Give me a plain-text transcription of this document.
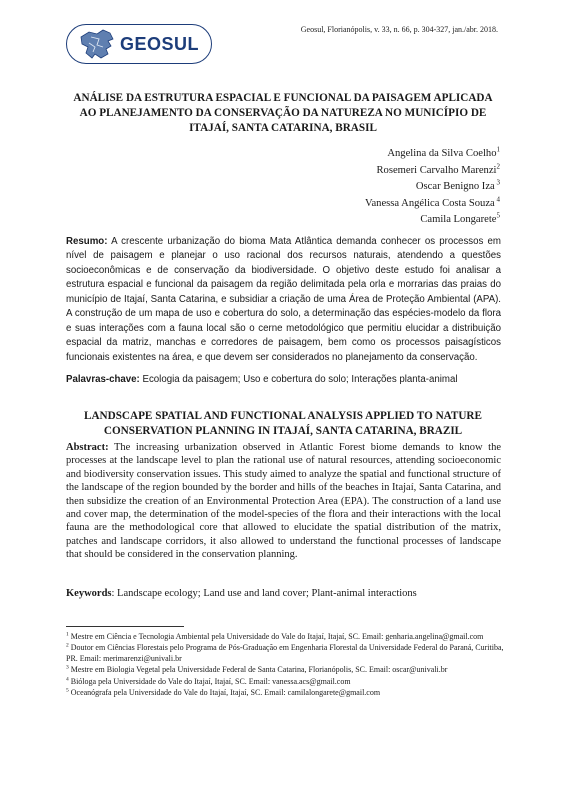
GEOSUL
Geosul, Florianópolis, v. 33, n. 66, p. 304-327, jan./abr. 2018.
ANÁLISE DA ESTRUTURA ESPACIAL E FUNCIONAL DA PAISAGEM APLICADA AO PLANEJAMENTO DA CONSERVAÇÃO DA NATUREZA NO MUNICÍPIO DE ITAJAÍ, SANTA CATARINA, BRASIL
Angelina da Silva Coelho$^1$
Rosemeri Carvalho Marenzi$^2$
Oscar Benigno Iza $^3$
Vanessa Angélica Costa Souza $^4$
Camila Longarete$^5$

Resumo: A crescente urbanização do bioma Mata Atlântica demanda conhecer os processos em nível de paisagem e planejar o uso racional dos recursos naturais, atendendo a questões socioeconômicas e de conservação da biodiversidade. O objetivo deste estudo foi analisar a estrutura espacial e funcional da paisagem da região delimitada pela orla e morrarias das praias do município de Itajaí, Santa Catarina, e subsidiar a criação de uma Área de Proteção Ambiental (APA). A construção de um mapa de uso e cobertura do solo, a determinação das espécies-modelo da flora e suas interações com a fauna local são o cerne metodológico que permitiu elucidar a distribuição espacial da matriz, manchas e corredores de paisagem, bem como os processos paisagísticos funcionais existentes na área, e que devem ser considerados no planejamento da conservação.

Palavras-chave: Ecologia da paisagem; Uso e cobertura do solo; Interações planta-animal

LANDSCAPE SPATIAL AND FUNCTIONAL ANALYSIS APPLIED TO NATURE CONSERVATION PLANNING IN ITAJAÍ, SANTA CATARINA, BRAZIL

Abstract: The increasing urbanization observed in Atlantic Forest biome demands to know the processes at the landscape level to plan the rational use of natural resources, attending socioeconomic and biodiversity conservation issues. This study aimed to analyze the spatial and functional structure of the landscape of the region bounded by the border and hills of the beaches in Itajaí, Santa Catarina, and then subsidize the creation of an Environmental Protection Area (EPA). The construction of a land use and cover map, the determination of the model-species of the flora and their interactions with the local fauna are the methodological core that allowed to elucidate the spatial distribution of the matrix, patches and landscape corridors, it also allowed to understand the functional processes of landscape that should be considered in the conservation planning.

Keywords: Landscape ecology; Land use and land cover; Plant-animal interactions

$^1$ Mestre em Ciência e Tecnologia Ambiental pela Universidade do Vale do Itajaí, Itajaí, SC. Email: genharia.angelina@gmail.com

$^2$ Doutor em Ciências Florestais pelo Programa de Pós-Graduação em Engenharia Florestal da Universidade Federal do Paraná, Curitiba, PR. Email: merimarenzi@univali.br

$^3$ Mestre em Biologia Vegetal pela Universidade Federal de Santa Catarina, Florianópolis, SC. Email: oscar@univali.br

$^4$ Bióloga pela Universidade do Vale do Itajaí, Itajaí, SC. Email: vanessa.acs@gmail.com

$^5$ Oceanógrafa pela Universidade do Vale do Itajaí, Itajaí, SC. Email: camilalongarete@gmail.com
